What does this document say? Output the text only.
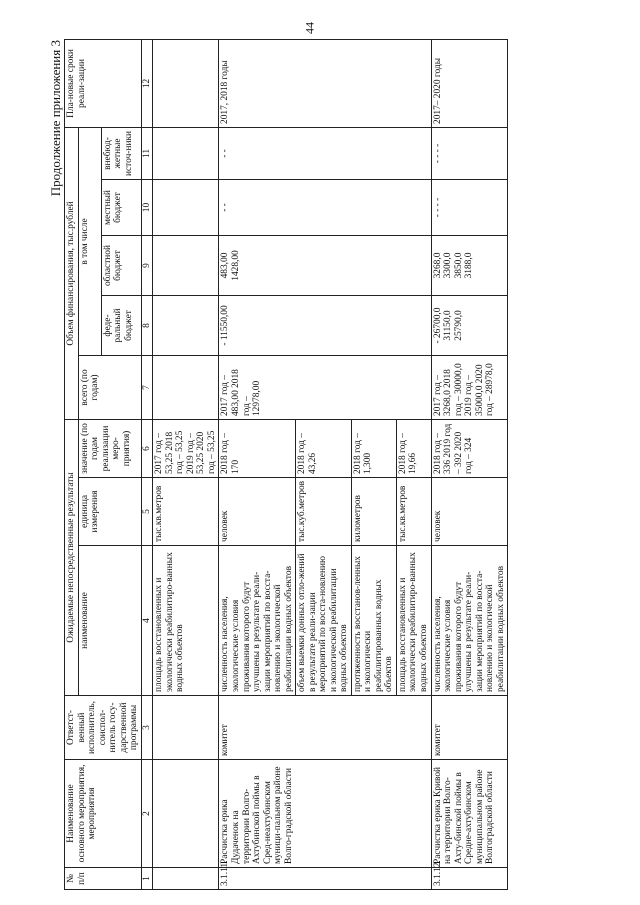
44
Продолжение приложения 3
№ п/п	Наименование основного мероприятия, мероприятия	Ответст-венный исполнитель, соиспол-нитель госу-дарственной программы	Ожидаемые непосредственные результаты			Объем финансирования, тыс.рублей					Пла-новые сроки реали-зации
			наименование	единица измерения	значение (по годам реализации меро-приятия)	всего (по годам)	в том числе				
							феде-ральный бюджет	областной бюджет	местный бюджет	внебюд-жетные источ-ники	
1	2	3	4	5	6	7	8	9	10	11	12
			площадь восстановленных и экологически реабилитиро-ванных водных объектов	тыс.кв.метров	2017 год – 53,25 2018 год – 53,25 2019 год – 53,25 2020 год – 53,25						
3.1.11.	Расчистка ерика Дудаченок на территории Волго-Ахтубинской поймы в Сред-неахтубинском муници-пальном районе Волго-градской области	комитет	численность населения, экологические условия проживания которого будут улучшены в результате реали-зации мероприятий по восста-новлению и экологической реабилитации водных объектов	человек	2018 год – 170	2017 год – 483,00 2018 год – 12978,00	- 11550,00	483,00 1428,00	- -	- -	2017, 2018 годы
			объем выемки донных отло-жений в результате реали-зации мероприятий по восста-новлению и экологической реабилитации водных объектов	тыс.куб.метров	2018 год – 43,26						
			протяженность восстанов-ленных и экологически реабилитированных водных объектов	километров	2018 год – 1,300						
			площадь восстановленных и экологически реабилитиро-ванных водных объектов	тыс.кв.метров	2018 год – 19,66						
3.1.12.	Расчистка ерика Кривой на территории Волго-Ахту-бинской поймы в Средне-ахтубинском муниципальном районе Волгоградской области	комитет	численность населения, экологические условия проживания которого будут улучшены в результате реали-зации мероприятий по восста-новлению и экологической реабилитации водных объектов	человек	2018 год – 336 2019 год – 392 2020 год – 324	2017 год – 3268,0 2018 год – 30000,0 2019 год – 35000,0 2020 год – 28978,0	- 26700,0 31150,0 25790,0	3268,0 3300,0 3850,0 3188,0	- - - -	- - - -	2017– 2020 годы
